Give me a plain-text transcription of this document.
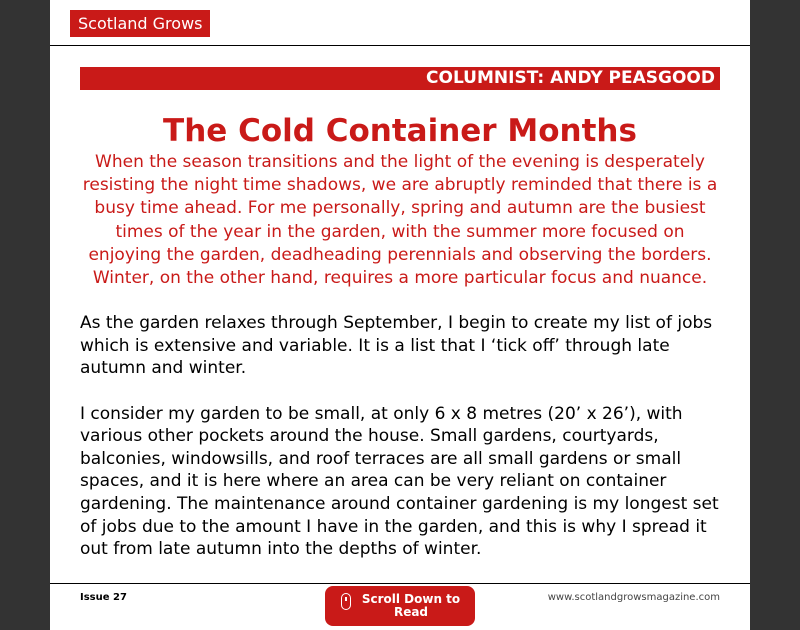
Scotland Grows
COLUMNIST: ANDY PEASGOOD
The Cold Container Months

When the season transitions and the light of the evening is desperately resisting the night time shadows, we are abruptly reminded that there is a busy time ahead. For me personally, spring and autumn are the busiest times of the year in the garden, with the summer more focused on enjoying the garden, deadheading perennials and observing the borders. Winter, on the other hand, requires a more particular focus and nuance.

As the garden relaxes through September, I begin to create my list of jobs which is extensive and variable. It is a list that I ‘tick off’ through late autumn and winter.

I consider my garden to be small, at only 6 x 8 metres (20’ x 26’), with various other pockets around the house. Small gardens, courtyards, balconies, windowsills, and roof terraces are all small gardens or small spaces, and it is here where an area can be very reliant on container gardening. The maintenance around container gardening is my longest set of jobs due to the amount I have in the garden, and this is why I spread it out from late autumn into the depths of winter.

Issue 27	Scroll Down to Read
www.scotlandgrowsmagazine.com
